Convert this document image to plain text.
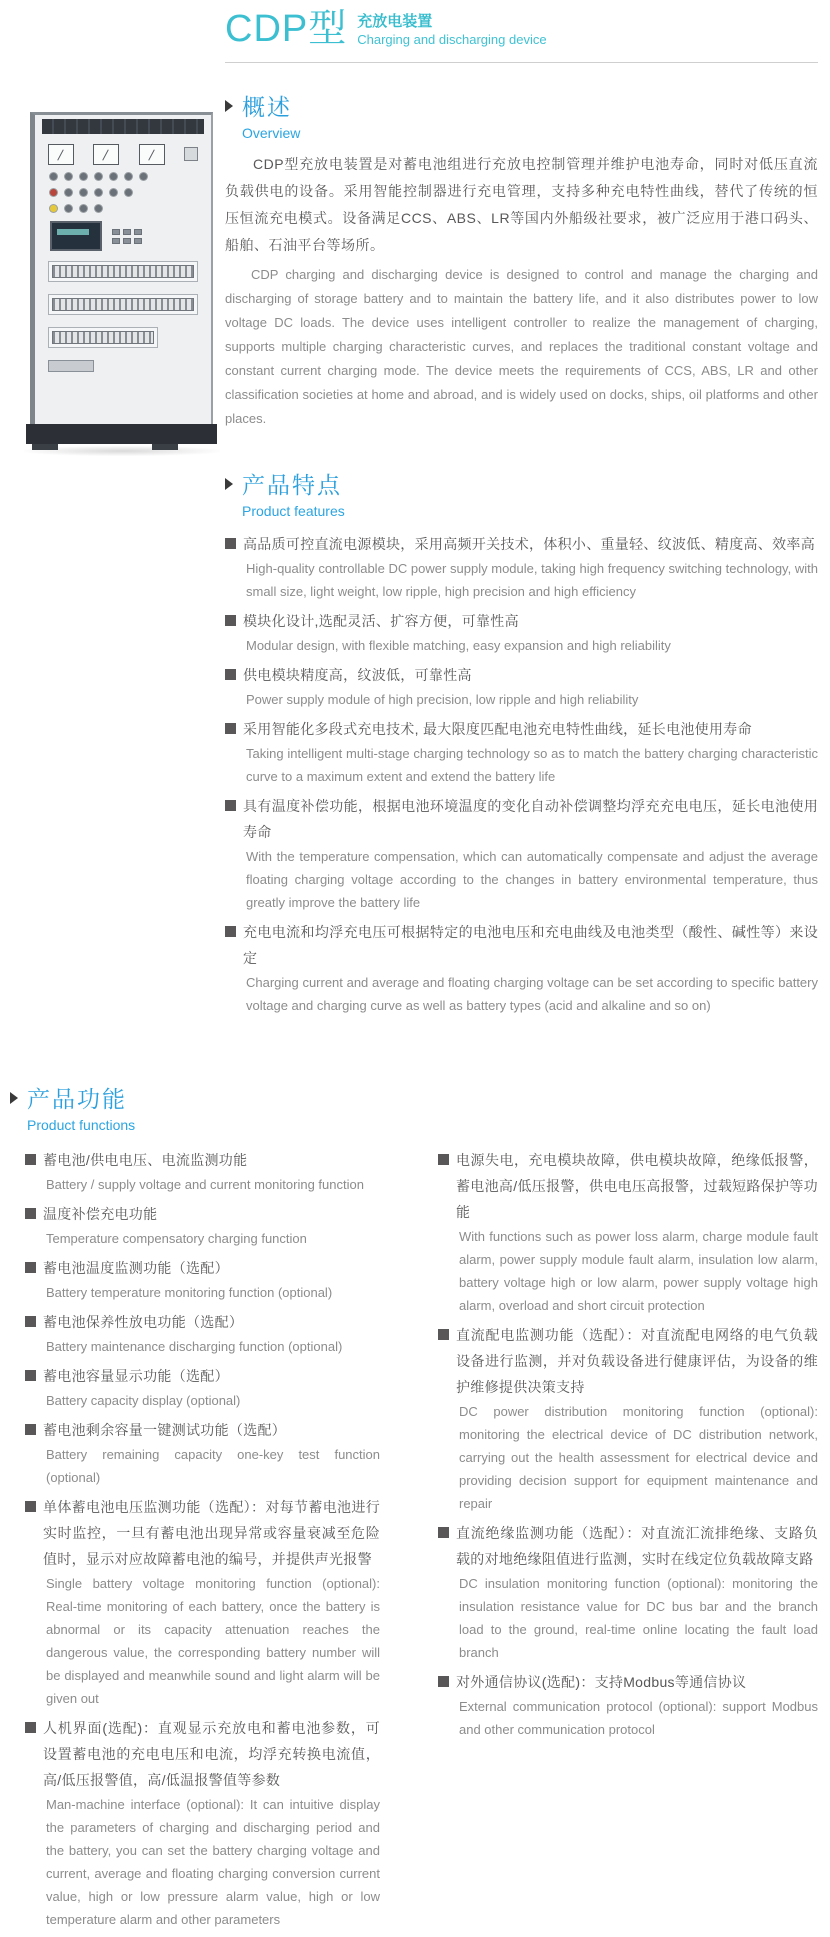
CDP型 充放电装置
Charging and discharging device
概述
Overview

CDP型充放电装置是对蓄电池组进行充放电控制管理并维护电池寿命，同时对低压直流负载供电的设备。采用智能控制器进行充电管理，支持多种充电特性曲线，替代了传统的恒压恒流充电模式。设备满足CCS、ABS、LR等国内外船级社要求，被广泛应用于港口码头、船舶、石油平台等场所。

CDP charging and discharging device is designed to control and manage the charging and discharging of storage battery and to maintain the battery life, and it also distributes power to low voltage DC loads. The device uses intelligent controller to realize the management of charging, supports multiple charging characteristic curves, and replaces the traditional constant voltage and constant current charging mode. The device meets the requirements of CCS, ABS, LR and other classification societies at home and abroad, and is widely used on docks, ships, oil platforms and other places.

产品特点
Product features
高品质可控直流电源模块，采用高频开关技术，体积小、重量轻、纹波低、精度高、效率高
High-quality controllable DC power supply module, taking high frequency switching technology, with small size, light weight, low ripple, high precision and high efficiency
模块化设计,选配灵活、扩容方便，可靠性高
Modular design, with flexible matching, easy expansion and high reliability
供电模块精度高，纹波低，可靠性高
Power supply module of high precision, low ripple and high reliability
采用智能化多段式充电技术, 最大限度匹配电池充电特性曲线，延长电池使用寿命
Taking intelligent multi-stage charging technology so as to match the battery charging characteristic curve to a maximum extent and extend the battery life
具有温度补偿功能，根据电池环境温度的变化自动补偿调整均浮充充电电压，延长电池使用寿命
With the temperature compensation, which can automatically compensate and adjust the average floating charging voltage according to the changes in battery environmental temperature, thus greatly improve the battery life
充电电流和均浮充电压可根据特定的电池电压和充电曲线及电池类型（酸性、碱性等）来设定
Charging current and average and floating charging voltage can be set according to specific battery voltage and charging curve as well as battery types (acid and alkaline and so on)
产品功能
Product functions
蓄电池/供电电压、电流监测功能
Battery / supply voltage and current monitoring function
温度补偿充电功能
Temperature compensatory charging function
蓄电池温度监测功能（选配）
Battery temperature monitoring function (optional)
蓄电池保养性放电功能（选配）
Battery maintenance discharging function (optional)
蓄电池容量显示功能（选配）
Battery capacity display (optional)
蓄电池剩余容量一键测试功能（选配）
Battery remaining capacity one-key test function (optional)
单体蓄电池电压监测功能（选配）：对每节蓄电池进行实时监控，一旦有蓄电池出现异常或容量衰减至危险值时，显示对应故障蓄电池的编号，并提供声光报警
Single battery voltage monitoring function (optional): Real-time monitoring of each battery, once the battery is abnormal or its capacity attenuation reaches the dangerous value, the corresponding battery number will be displayed and meanwhile sound and light alarm will be given out
人机界面(选配)：直观显示充放电和蓄电池参数，可设置蓄电池的充电电压和电流，均浮充转换电流值，高/低压报警值，高/低温报警值等参数
Man-machine interface (optional): It can intuitive display the parameters of charging and discharging period and the battery, you can set the battery charging voltage and current, average and floating charging conversion current value, high or low pressure alarm value, high or low temperature alarm and other parameters
电源失电，充电模块故障，供电模块故障，绝缘低报警，蓄电池高/低压报警，供电电压高报警，过载短路保护等功能
With functions such as power loss alarm, charge module fault alarm, power supply module fault alarm, insulation low alarm, battery voltage high or low alarm, power supply voltage high alarm, overload and short circuit protection
直流配电监测功能（选配）：对直流配电网络的电气负载设备进行监测，并对负载设备进行健康评估，为设备的维护维修提供决策支持
DC power distribution monitoring function (optional): monitoring the electrical device of DC distribution network, carrying out the health assessment for electrical device and providing decision support for equipment maintenance and repair
直流绝缘监测功能（选配）：对直流汇流排绝缘、支路负载的对地绝缘阻值进行监测，实时在线定位负载故障支路
DC insulation monitoring function (optional): monitoring the insulation resistance value for DC bus bar and the branch load to the ground, real-time online locating the fault load branch
对外通信协议(选配)：支持Modbus等通信协议
External communication protocol (optional): support Modbus and other communication protocol
